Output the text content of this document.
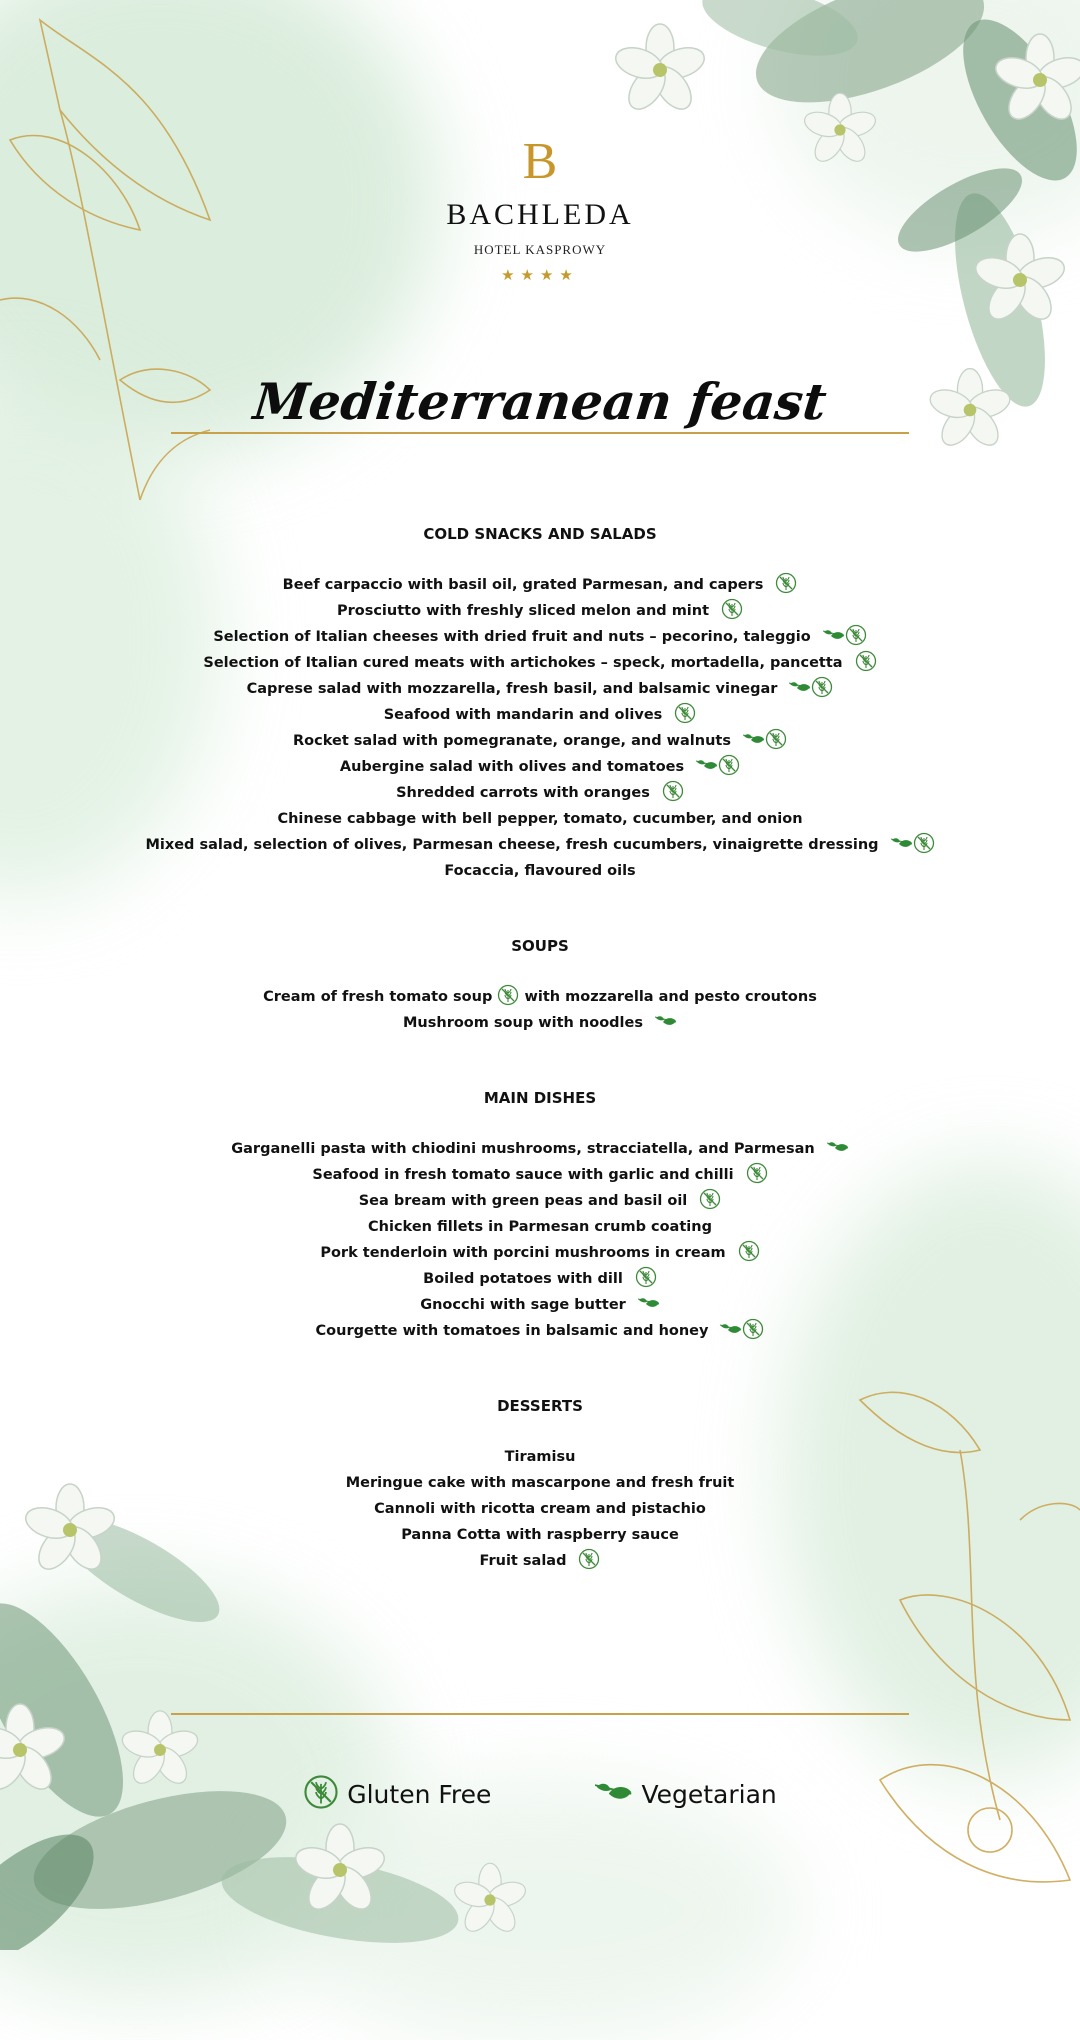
B
BACHLEDA
HOTEL KASPROWY
★★★★
Mediterranean feast
COLD SNACKS AND SALADS
Beef carpaccio with basil oil, grated Parmesan, and capers
Prosciutto with freshly sliced melon and mint
Selection of Italian cheeses with dried fruit and nuts – pecorino, taleggio
Selection of Italian cured meats with artichokes – speck, mortadella, pancetta
Caprese salad with mozzarella, fresh basil, and balsamic vinegar
Seafood with mandarin and olives
Rocket salad with pomegranate, orange, and walnuts
Aubergine salad with olives and tomatoes
Shredded carrots with oranges
Chinese cabbage with bell pepper, tomato, cucumber, and onion
Mixed salad, selection of olives, Parmesan cheese, fresh cucumbers, vinaigrette dressing
Focaccia, flavoured oils
SOUPS
Cream of fresh tomato soup with mozzarella and pesto croutons
Mushroom soup with noodles
MAIN DISHES
Garganelli pasta with chiodini mushrooms, stracciatella, and Parmesan
Seafood in fresh tomato sauce with garlic and chilli
Sea bream with green peas and basil oil
Chicken fillets in Parmesan crumb coating
Pork tenderloin with porcini mushrooms in cream
Boiled potatoes with dill
Gnocchi with sage butter
Courgette with tomatoes in balsamic and honey
DESSERTS
Tiramisu
Meringue cake with mascarpone and fresh fruit
Cannoli with ricotta cream and pistachio
Panna Cotta with raspberry sauce
Fruit salad
Gluten Free	Vegetarian
